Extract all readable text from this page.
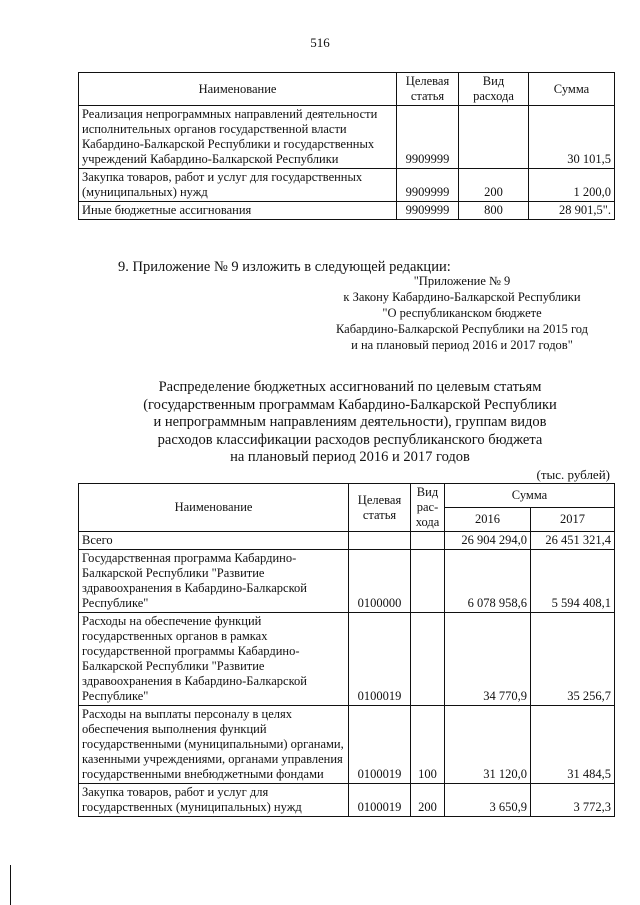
516
Наименование	Целевая статья	Вид расхода	Сумма
Реализация непрограммных направлений деятельности исполнительных органов государственной власти Кабардино-Балкарской Республики и государственных учреждений Кабардино-Балкарской Республики	9909999		30 101,5
Закупка товаров, работ и услуг для государственных (муниципальных) нужд	9909999	200	1 200,0
Иные бюджетные ассигнования	9909999	800	28 901,5".
9. Приложение № 9 изложить в следующей редакции:
"Приложение № 9
к Закону Кабардино-Балкарской Республики
"О республиканском бюджете
Кабардино-Балкарской Республики на 2015 год
и на плановый период 2016 и 2017 годов"
Распределение бюджетных ассигнований по целевым статьям
(государственным программам Кабардино-Балкарской Республики
и непрограммным направлениям деятельности), группам видов
расходов классификации расходов республиканского бюджета
на плановый период 2016 и 2017 годов
(тыс. рублей)
Наименование	Целевая статья	Вид рас-хода	Сумма	
			2016	2017
Всего			26 904 294,0	26 451 321,4
Государственная программа Кабардино-Балкарской Республики "Развитие здравоохранения в Кабардино-Балкарской Республике"	0100000		6 078 958,6	5 594 408,1
Расходы на обеспечение функций государственных органов в рамках государственной программы Кабардино-Балкарской Республики "Развитие здравоохранения в Кабардино-Балкарской Республике"	0100019		34 770,9	35 256,7
Расходы на выплаты персоналу в целях обеспечения выполнения функций государственными (муниципальными) органами, казенными учреждениями, органами управления государственными внебюджетными фондами	0100019	100	31 120,0	31 484,5
Закупка товаров, работ и услуг для государственных (муниципальных) нужд	0100019	200	3 650,9	3 772,3
